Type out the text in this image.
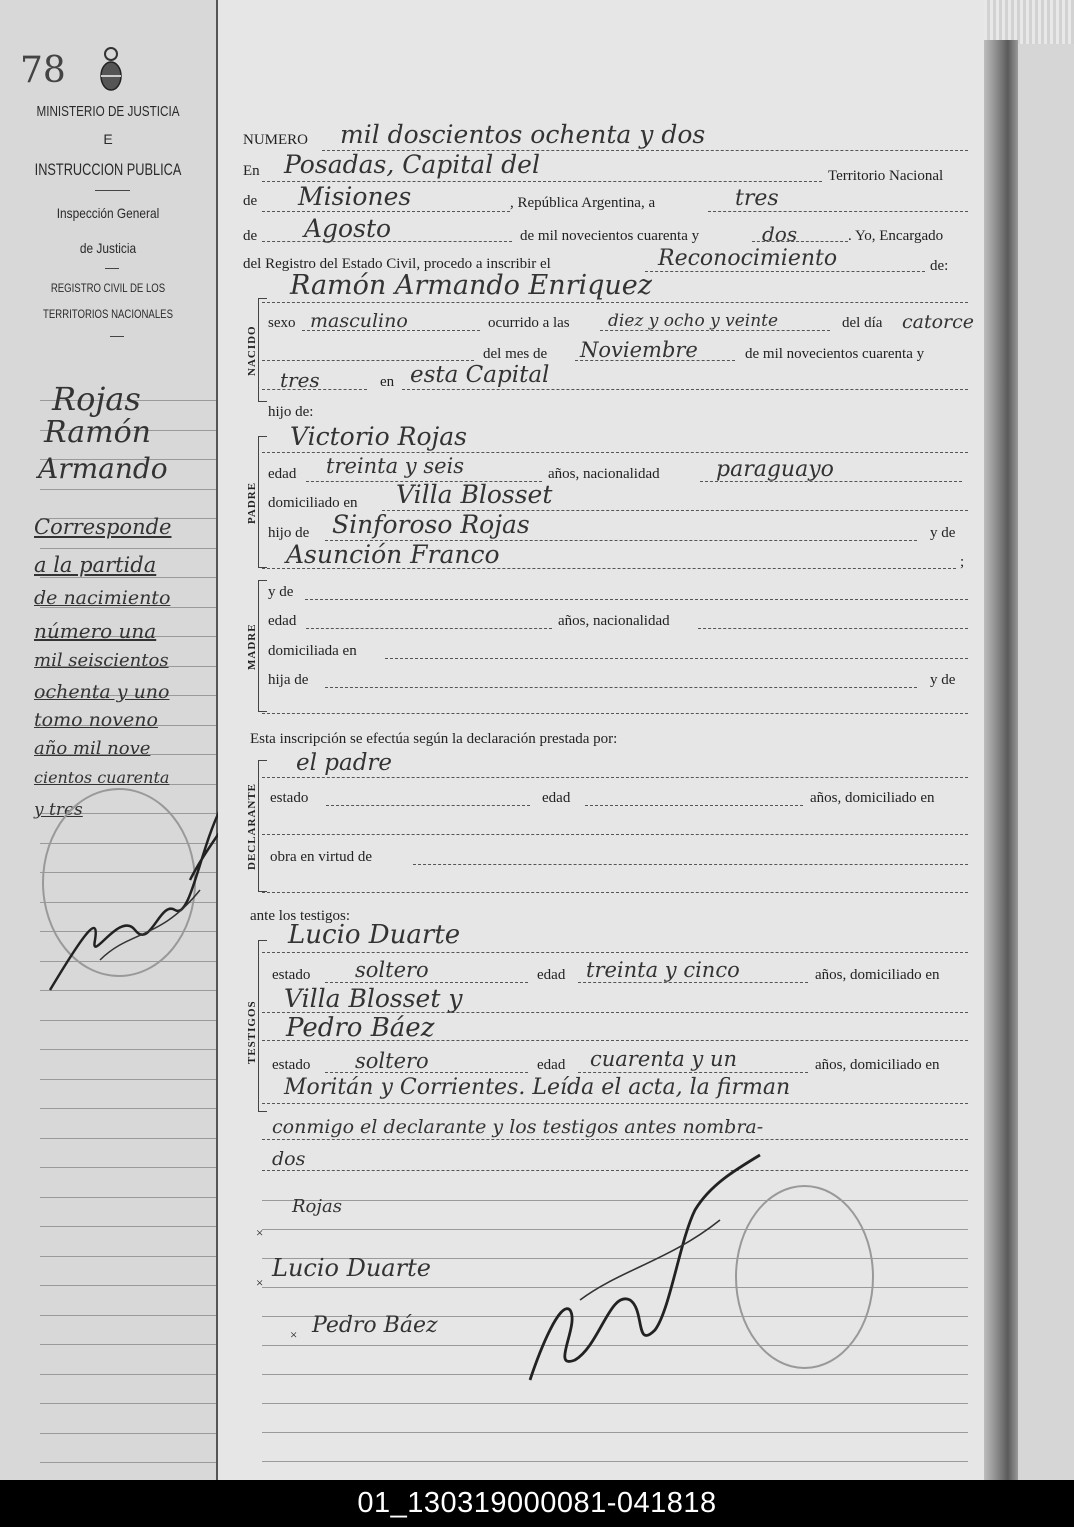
78
MINISTERIO DE JUSTICIA
E
INSTRUCCION PUBLICA
Inspección General
de Justicia
REGISTRO CIVIL DE LOS
TERRITORIOS NACIONALES
Rojas
Ramón
Armando
Corresponde
a la partida
de nacimiento
número una
mil seiscientos
ochenta y uno
tomo noveno
año mil nove
cientos cuarenta
y tres
NUMERO mil doscientos ochenta y dos
En Posadas, Capital del	Territorio Nacional
de Misiones	, República Argentina, a	tres
de Agosto	de mil novecientos cuarenta y	dos	. Yo, Encargado
del Registro del Estado Civil, procedo a inscribir el	Reconocimiento	de:
NACIDO
Ramón Armando Enriquez
sexo masculino	ocurrido a las diez y ocho y veinte	del día catorce
del mes de Noviembre	de mil novecientos cuarenta y
tres	en esta Capital
hijo de:
PADRE
Victorio Rojas
edad treinta y seis	años, nacionalidad	paraguayo
domiciliado en Villa Blosset
hijo de Sinforoso Rojas	y de
Asunción Franco	;
MADRE
y de
edad	años, nacionalidad
domiciliada en
hija de	y de
Esta inscripción se efectúa según la declaración prestada por:
DECLARANTE
el padre
estado	edad	años, domiciliado en
obra en virtud de
ante los testigos:
TESTIGOS
Lucio Duarte
estado soltero	edad treinta y cinco	años, domiciliado en
Villa Blosset y
Pedro Báez
estado soltero	edad cuarenta y un	años, domiciliado en
Moritán y Corrientes. Leída el acta, la firman
conmigo el declarante y los testigos antes nombra-
dos
Rojas
×
Lucio Duarte
×
Pedro Báez
×
01_130319000081-041818
